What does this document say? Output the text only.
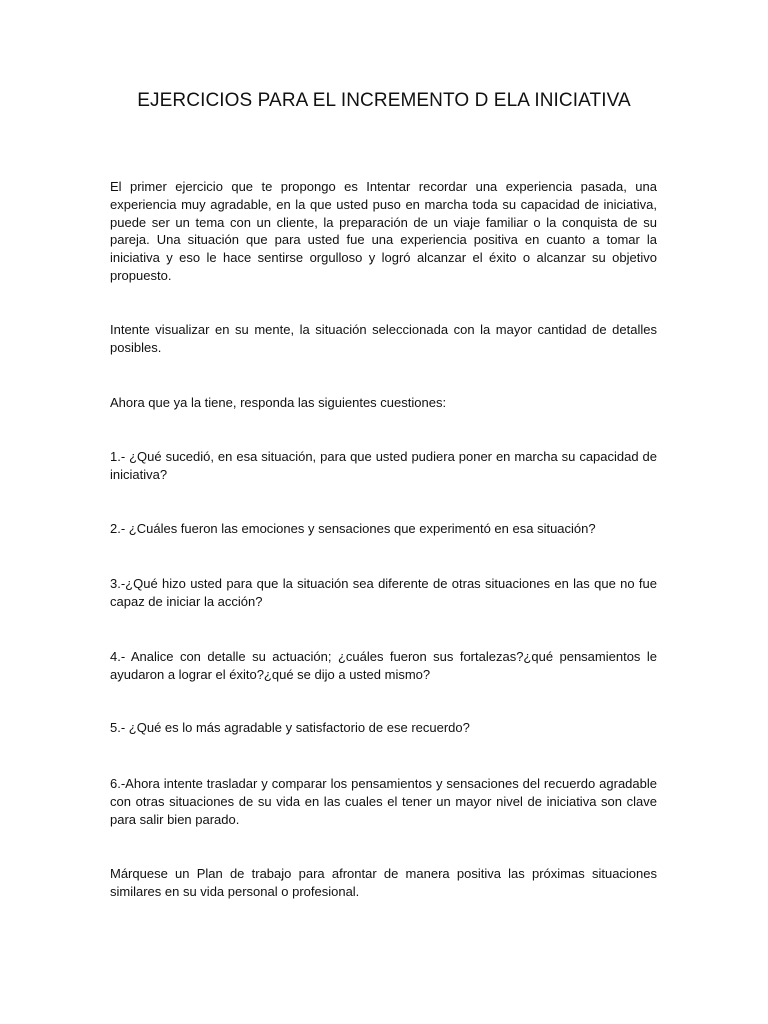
EJERCICIOS PARA EL INCREMENTO D ELA INICIATIVA

El primer ejercicio que te propongo es Intentar recordar una experiencia pasada, una experiencia muy agradable, en la que usted puso en marcha toda su capacidad de iniciativa, puede ser un tema con un cliente, la preparación de un viaje familiar o la conquista de su pareja. Una situación que para usted fue una experiencia positiva en cuanto a tomar la iniciativa y eso le hace sentirse orgulloso y logró alcanzar el éxito o alcanzar su objetivo propuesto.

Intente visualizar en su mente, la situación seleccionada con la mayor cantidad de detalles posibles.

Ahora que ya la tiene, responda las siguientes cuestiones:

1.- ¿Qué sucedió, en esa situación, para que usted pudiera poner en marcha su capacidad de iniciativa?

2.- ¿Cuáles fueron las emociones y sensaciones que experimentó en esa situación?

3.-¿Qué hizo usted para que la situación sea diferente de otras situaciones en las que no fue capaz de iniciar la acción?

4.- Analice con detalle su actuación; ¿cuáles fueron sus fortalezas?¿qué pensamientos le ayudaron a lograr el éxito?¿qué se dijo a usted mismo?

5.- ¿Qué es lo más agradable y satisfactorio de ese recuerdo?

6.-Ahora intente trasladar y comparar los pensamientos y sensaciones del recuerdo agradable con otras situaciones de su vida en las cuales el tener un mayor nivel de iniciativa son clave para salir bien parado.

Márquese un Plan de trabajo para afrontar de manera positiva las próximas situaciones similares en su vida personal o profesional.
